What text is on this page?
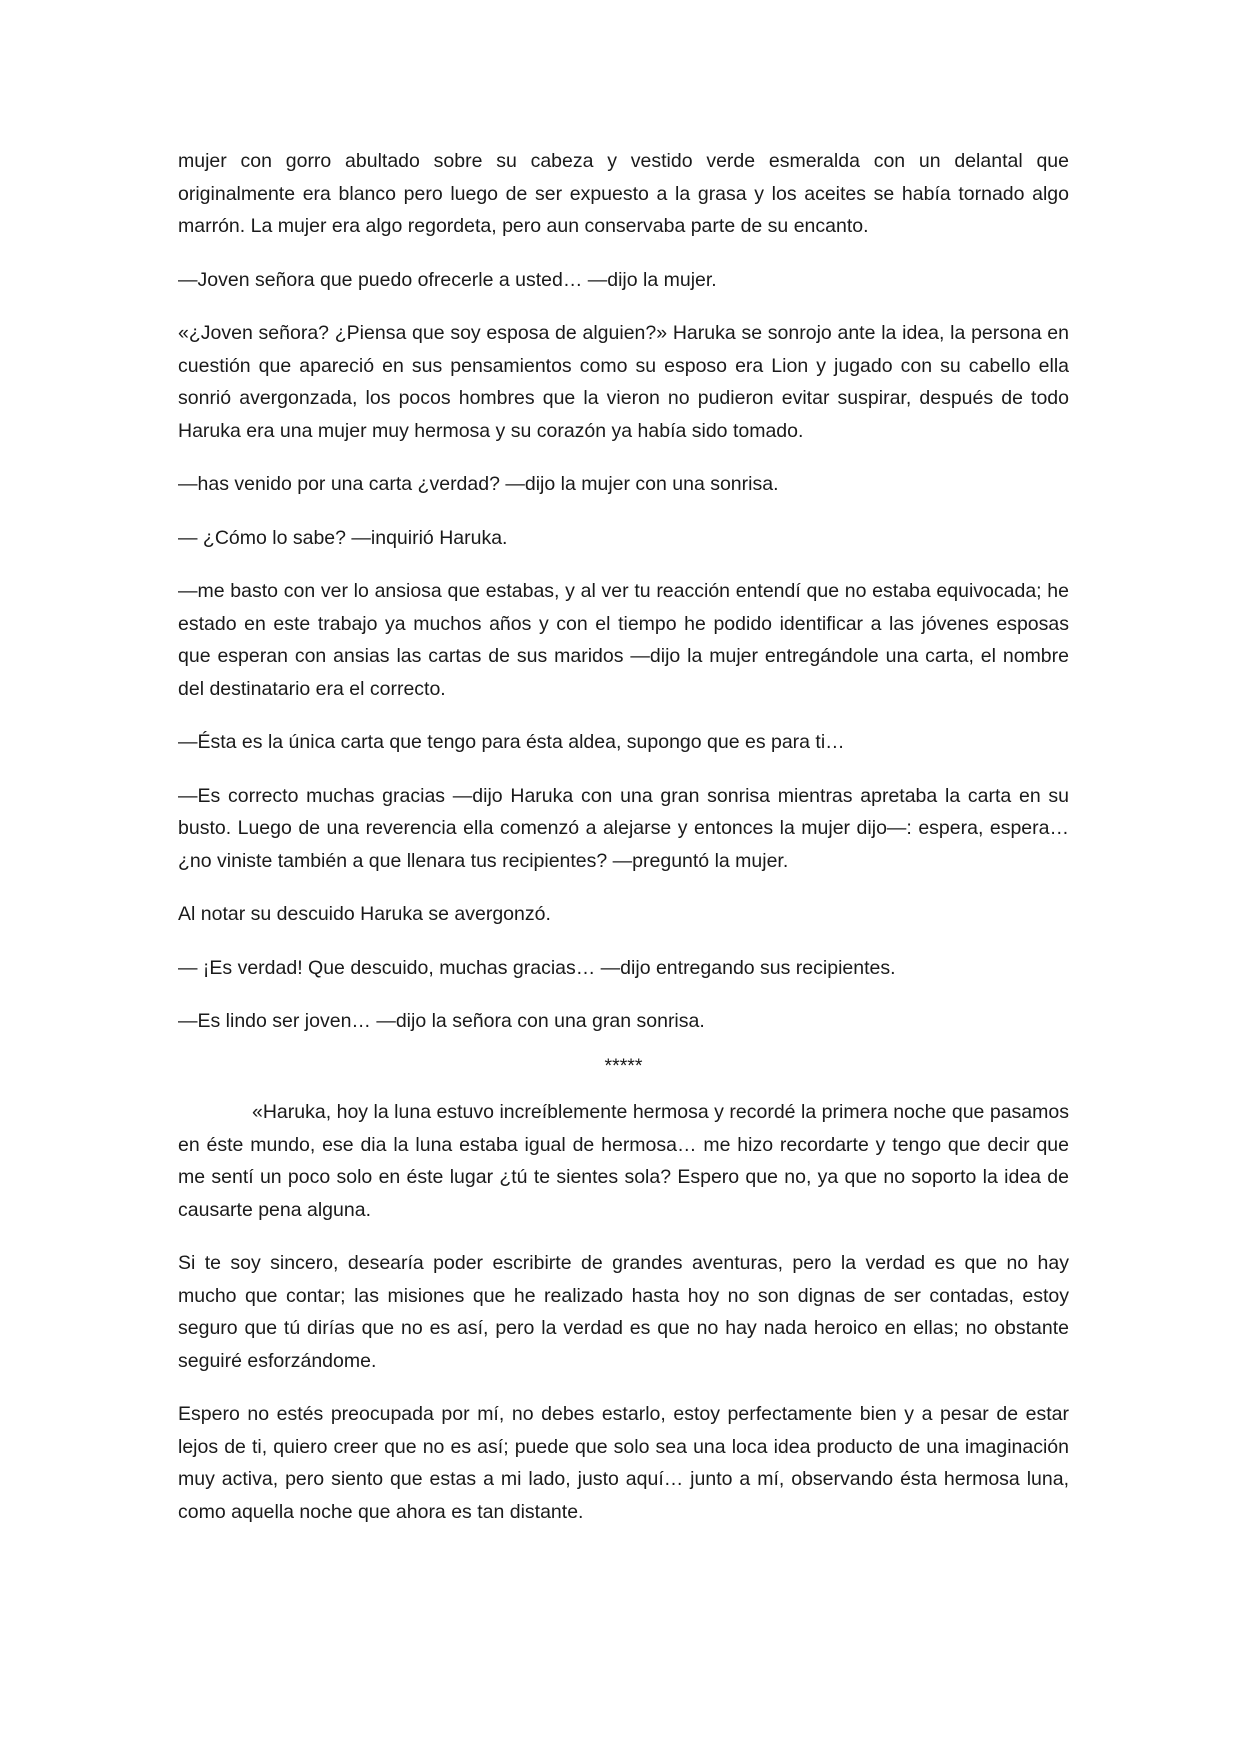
mujer con gorro abultado sobre su cabeza y vestido verde esmeralda con un delantal que originalmente era blanco pero luego de ser expuesto a la grasa y los aceites se había tornado algo marrón. La mujer era algo regordeta, pero aun conservaba parte de su encanto.

—Joven señora que puedo ofrecerle a usted… —dijo la mujer.

«¿Joven señora? ¿Piensa que soy esposa de alguien?» Haruka se sonrojo ante la idea, la persona en cuestión que apareció en sus pensamientos como su esposo era Lion y jugado con su cabello ella sonrió avergonzada, los pocos hombres que la vieron no pudieron evitar suspirar, después de todo Haruka era una mujer muy hermosa y su corazón ya había sido tomado.

—has venido por una carta ¿verdad? —dijo la mujer con una sonrisa.

— ¿Cómo lo sabe? —inquirió Haruka.

—me basto con ver lo ansiosa que estabas, y al ver tu reacción entendí que no estaba equivocada; he estado en este trabajo ya muchos años y con el tiempo he podido identificar a las jóvenes esposas que esperan con ansias las cartas de sus maridos —dijo la mujer entregándole una carta, el nombre del destinatario era el correcto.

—Ésta es la única carta que tengo para ésta aldea, supongo que es para ti…

—Es correcto muchas gracias —dijo Haruka con una gran sonrisa mientras apretaba la carta en su busto. Luego de una reverencia ella comenzó a alejarse y entonces la mujer dijo—: espera, espera… ¿no viniste también a que llenara tus recipientes? —preguntó la mujer.

Al notar su descuido Haruka se avergonzó.

— ¡Es verdad! Que descuido, muchas gracias… —dijo entregando sus recipientes.

—Es lindo ser joven… —dijo la señora con una gran sonrisa.

*****

«Haruka, hoy la luna estuvo increíblemente hermosa y recordé la primera noche que pasamos en éste mundo, ese dia la luna estaba igual de hermosa… me hizo recordarte y tengo que decir que me sentí un poco solo en éste lugar ¿tú te sientes sola? Espero que no, ya que no soporto la idea de causarte pena alguna.

Si te soy sincero, desearía poder escribirte de grandes aventuras, pero la verdad es que no hay mucho que contar; las misiones que he realizado hasta hoy no son dignas de ser contadas, estoy seguro que tú dirías que no es así, pero la verdad es que no hay nada heroico en ellas; no obstante seguiré esforzándome.

Espero no estés preocupada por mí, no debes estarlo, estoy perfectamente bien y a pesar de estar lejos de ti, quiero creer que no es así; puede que solo sea una loca idea producto de una imaginación muy activa, pero siento que estas a mi lado, justo aquí… junto a mí, observando ésta hermosa luna, como aquella noche que ahora es tan distante.
